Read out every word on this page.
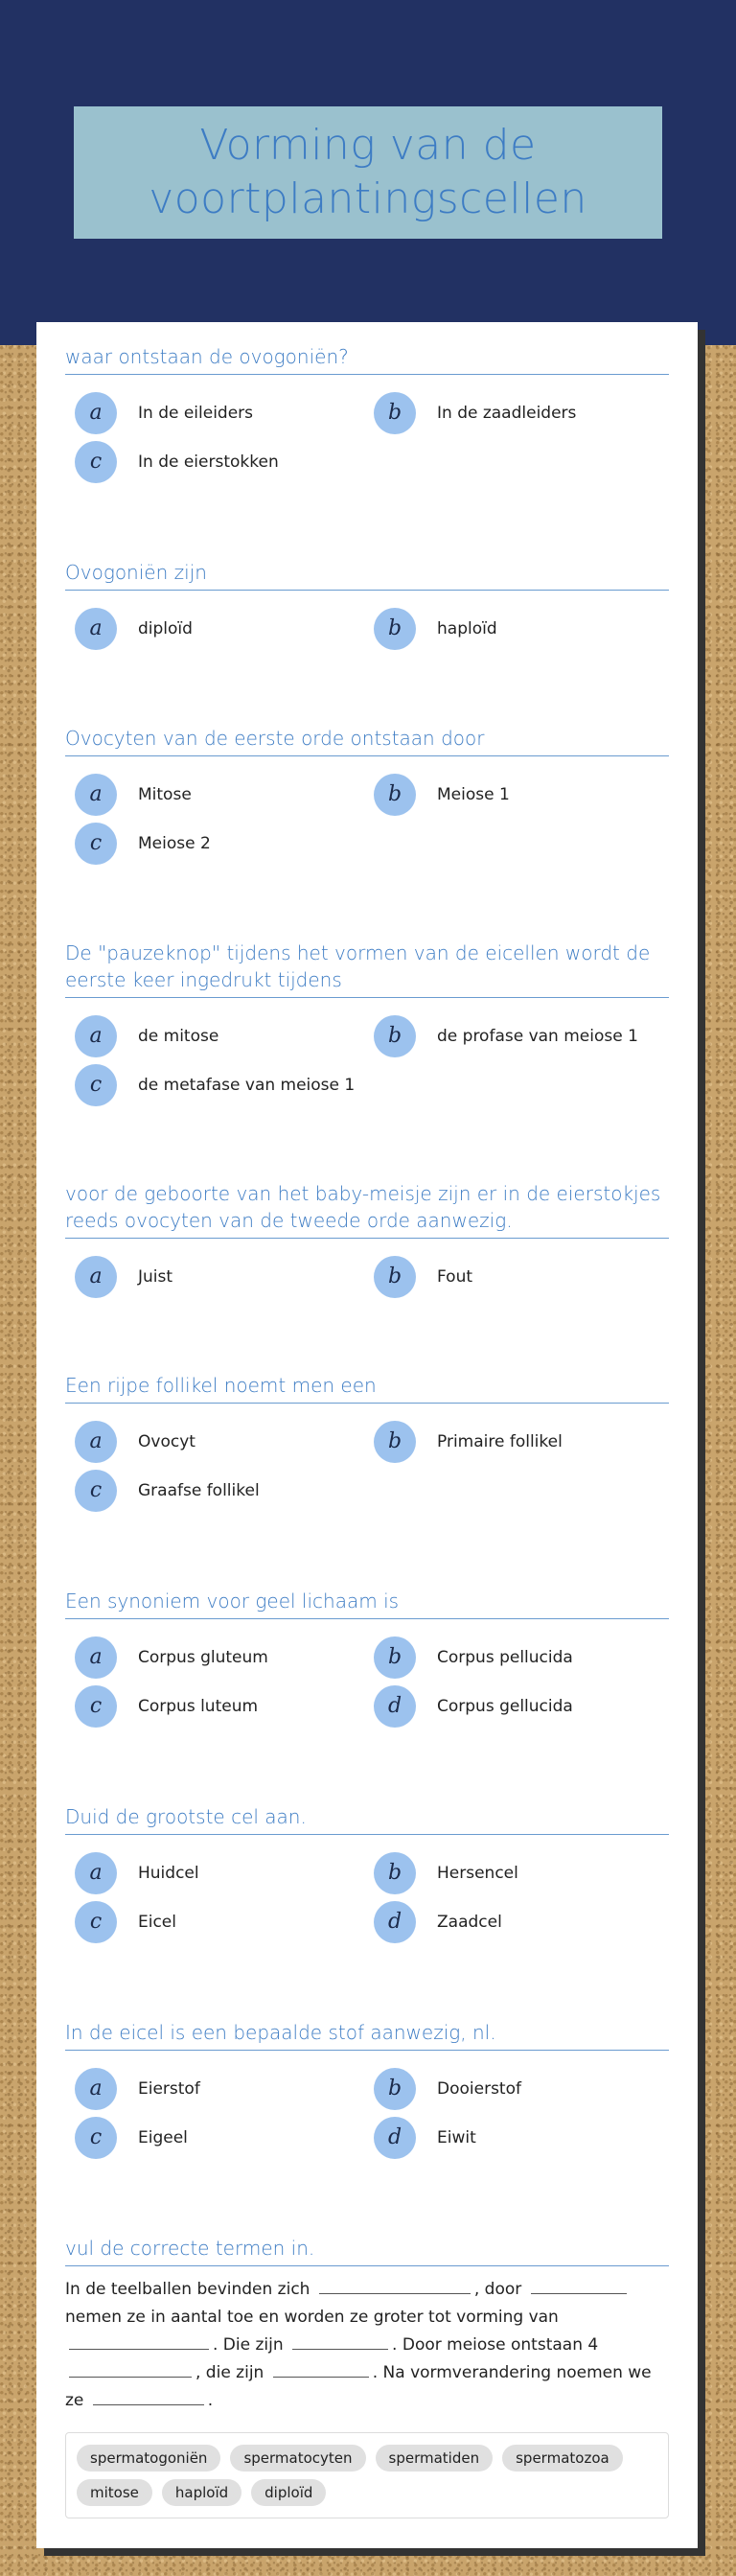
Vorming van de voortplantingscellen
waar ontstaan de ovogoniën?
a	In de eileiders	b	In de zaadleiders
c	In de eierstokken
Ovogoniën zijn
a	diploïd	b	haploïd
Ovocyten van de eerste orde ontstaan door
a	Mitose	b	Meiose 1
c	Meiose 2
De "pauzeknop" tijdens het vormen van de eicellen wordt de eerste keer ingedrukt tijdens
a	de mitose	b	de profase van meiose 1
c	de metafase van meiose 1
voor de geboorte van het baby-meisje zijn er in de eierstokjes reeds ovocyten van de tweede orde aanwezig.
a	Juist	b	Fout
Een rijpe follikel noemt men een
a	Ovocyt	b	Primaire follikel
c	Graafse follikel
Een synoniem voor geel lichaam is
a	Corpus gluteum	b	Corpus pellucida
c	Corpus luteum	d	Corpus gellucida
Duid de grootste cel aan.
a	Huidcel	b	Hersencel
c	Eicel	d	Zaadcel
In de eicel is een bepaalde stof aanwezig, nl.
a	Eierstof	b	Dooierstof
c	Eigeel	d	Eiwit
vul de correcte termen in.
In de teelballen bevinden zich	, door  nemen ze in aantal toe en worden ze groter tot vorming van . Die zijn	. Door meiose ontstaan 4 , die zijn	. Na vormverandering noemen we ze	.
spermatogoniën	spermatocyten	spermatiden	spermatozoa
mitose	haploïd	diploïd
